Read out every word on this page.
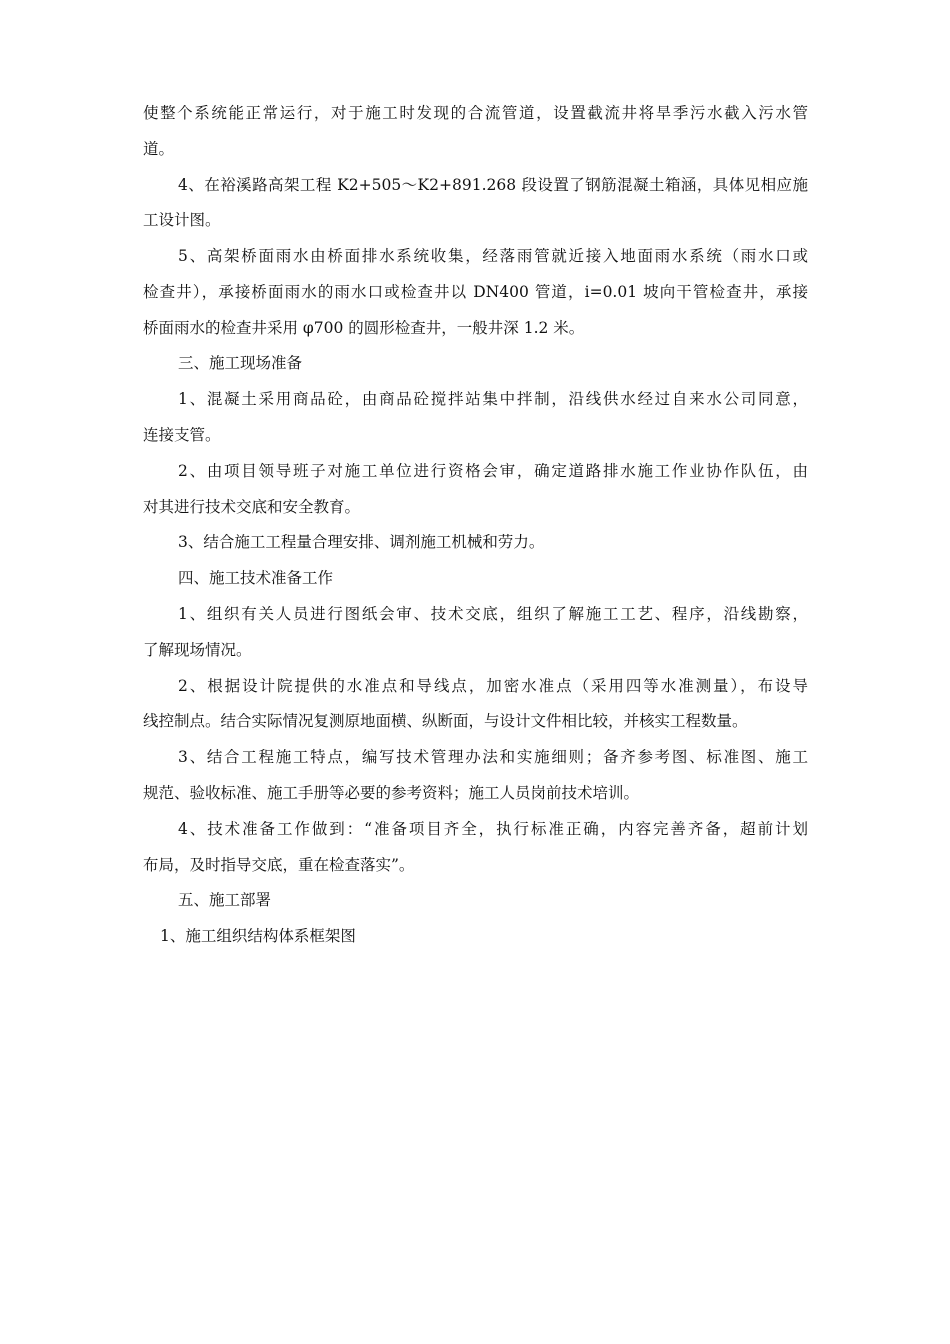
使整个系统能正常运行，对于施工时发现的合流管道，设置截流井将旱季污水截入污水管
道。
4、在裕溪路高架工程 K2+505～K2+891.268 段设置了钢筋混凝土箱涵，具体见相应施
工设计图。
5、高架桥面雨水由桥面排水系统收集，经落雨管就近接入地面雨水系统（雨水口或
检查井），承接桥面雨水的雨水口或检查井以 DN400 管道，i=0.01 坡向干管检查井，承接
桥面雨水的检查井采用 φ700 的圆形检查井，一般井深 1.2 米。
三、施工现场准备
1、混凝土采用商品砼，由商品砼搅拌站集中拌制，沿线供水经过自来水公司同意，
连接支管。
2、由项目领导班子对施工单位进行资格会审，确定道路排水施工作业协作队伍，由
对其进行技术交底和安全教育。
3、结合施工工程量合理安排、调剂施工机械和劳力。
四、施工技术准备工作
1、组织有关人员进行图纸会审、技术交底，组织了解施工工艺、程序，沿线勘察，
了解现场情况。
2、根据设计院提供的水准点和导线点，加密水准点（采用四等水准测量），布设导
线控制点。结合实际情况复测原地面横、纵断面，与设计文件相比较，并核实工程数量。
3、结合工程施工特点，编写技术管理办法和实施细则；备齐参考图、标准图、施工
规范、验收标准、施工手册等必要的参考资料；施工人员岗前技术培训。
4、技术准备工作做到：“准备项目齐全，执行标准正确，内容完善齐备，超前计划
布局，及时指导交底，重在检查落实”。
五、施工部署
1、施工组织结构体系框架图
